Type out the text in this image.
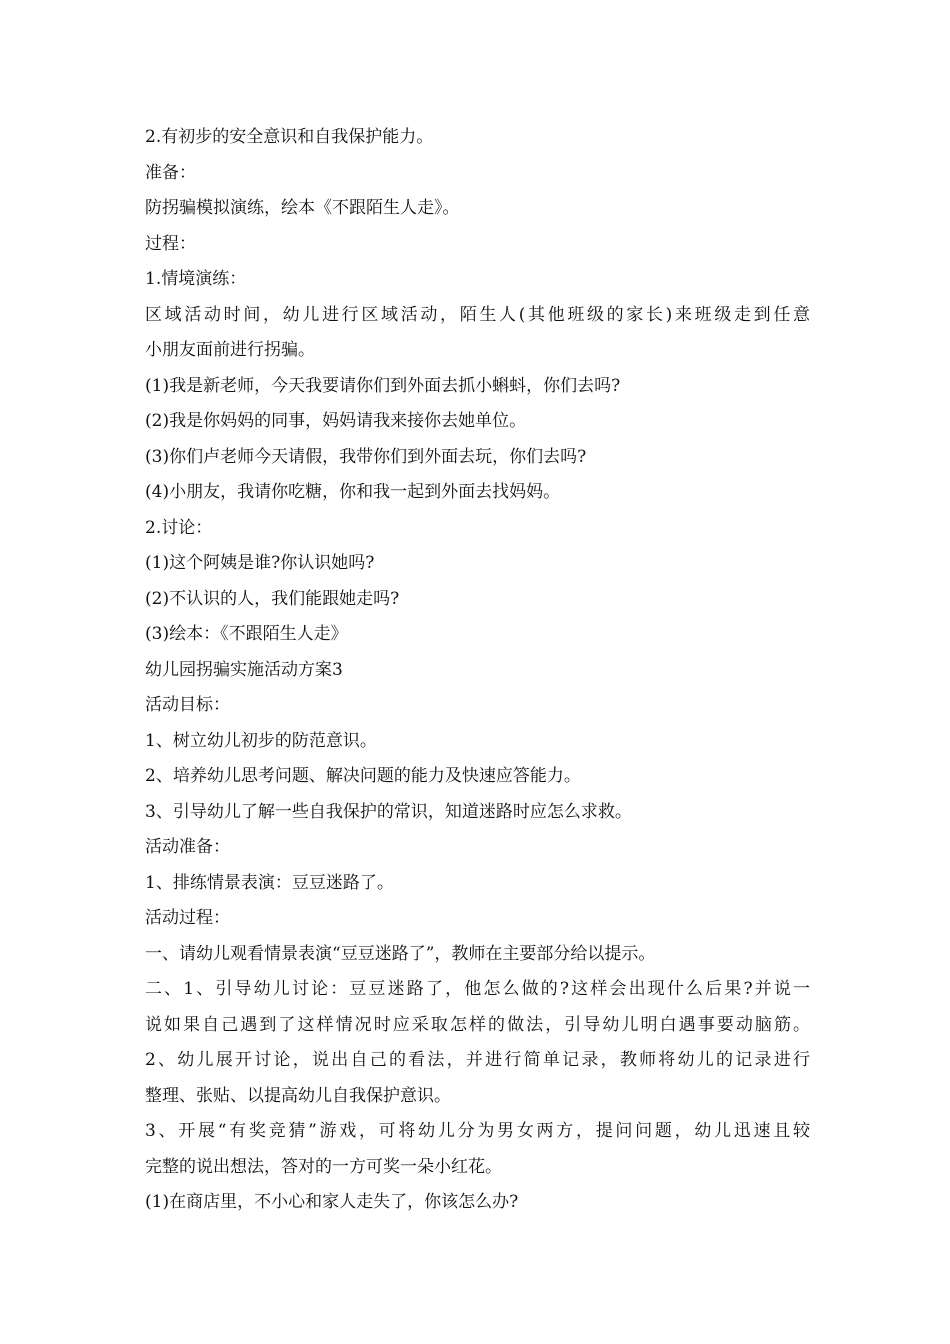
2.有初步的安全意识和自我保护能力。
准备：
防拐骗模拟演练，绘本《不跟陌生人走》。
过程：
1.情境演练：
区域活动时间，幼儿进行区域活动，陌生人(其他班级的家长)来班级走到任意
小朋友面前进行拐骗。
(1)我是新老师，今天我要请你们到外面去抓小蝌蚪，你们去吗?
(2)我是你妈妈的同事，妈妈请我来接你去她单位。
(3)你们卢老师今天请假，我带你们到外面去玩，你们去吗?
(4)小朋友，我请你吃糖，你和我一起到外面去找妈妈。
2.讨论：
(1)这个阿姨是谁?你认识她吗?
(2)不认识的人，我们能跟她走吗?
(3)绘本：《不跟陌生人走》
幼儿园拐骗实施活动方案3
活动目标：
1、树立幼儿初步的防范意识。
2、培养幼儿思考问题、解决问题的能力及快速应答能力。
3、引导幼儿了解一些自我保护的常识，知道迷路时应怎么求救。
活动准备：
1、排练情景表演：豆豆迷路了。
活动过程：
一、请幼儿观看情景表演“豆豆迷路了”，教师在主要部分给以提示。
二、1、引导幼儿讨论：豆豆迷路了，他怎么做的?这样会出现什么后果?并说一
说如果自己遇到了这样情况时应采取怎样的做法，引导幼儿明白遇事要动脑筋。
2、幼儿展开讨论，说出自己的看法，并进行简单记录，教师将幼儿的记录进行
整理、张贴、以提高幼儿自我保护意识。
3、开展“有奖竞猜”游戏，可将幼儿分为男女两方，提问问题，幼儿迅速且较
完整的说出想法，答对的一方可奖一朵小红花。
(1)在商店里，不小心和家人走失了，你该怎么办?
